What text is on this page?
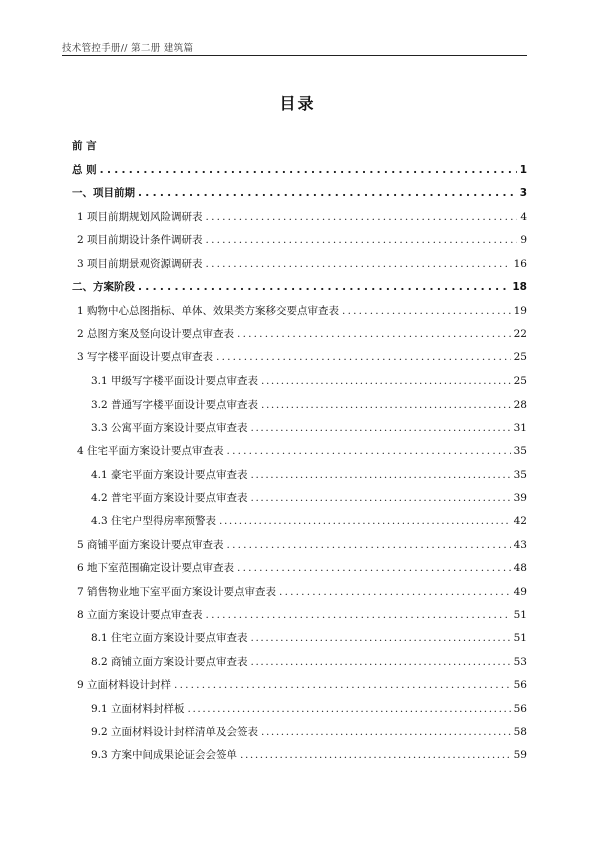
技术管控手册// 第二册 建筑篇
目录
前 言
总 则 .....	1
一、项目前期 .....	3
1 项目前期规划风险调研表 .....	4
2 项目前期设计条件调研表 .....	9
3 项目前期景观资源调研表 .....	16
二、方案阶段 .....	18
1 购物中心总图指标、单体、效果类方案移交要点审查表 .....	19
2 总图方案及竖向设计要点审查表 .....	22
3 写字楼平面设计要点审查表 .....	25
3.1 甲级写字楼平面设计要点审查表 .....	25
3.2 普通写字楼平面设计要点审查表 .....	28
3.3 公寓平面方案设计要点审查表 .....	31
4 住宅平面方案设计要点审查表 .....	35
4.1 豪宅平面方案设计要点审查表 .....	35
4.2 普宅平面方案设计要点审查表 .....	39
4.3 住宅户型得房率预警表 .....	42
5 商铺平面方案设计要点审查表 .....	43
6 地下室范围确定设计要点审查表 .....	48
7 销售物业地下室平面方案设计要点审查表 .....	49
8 立面方案设计要点审查表 .....	51
8.1 住宅立面方案设计要点审查表 .....	51
8.2 商铺立面方案设计要点审查表 .....	53
9 立面材料设计封样 .....	56
9.1 立面材料封样板 .....	56
9.2 立面材料设计封样清单及会签表 .....	58
9.3 方案中间成果论证会会签单 .....	59
